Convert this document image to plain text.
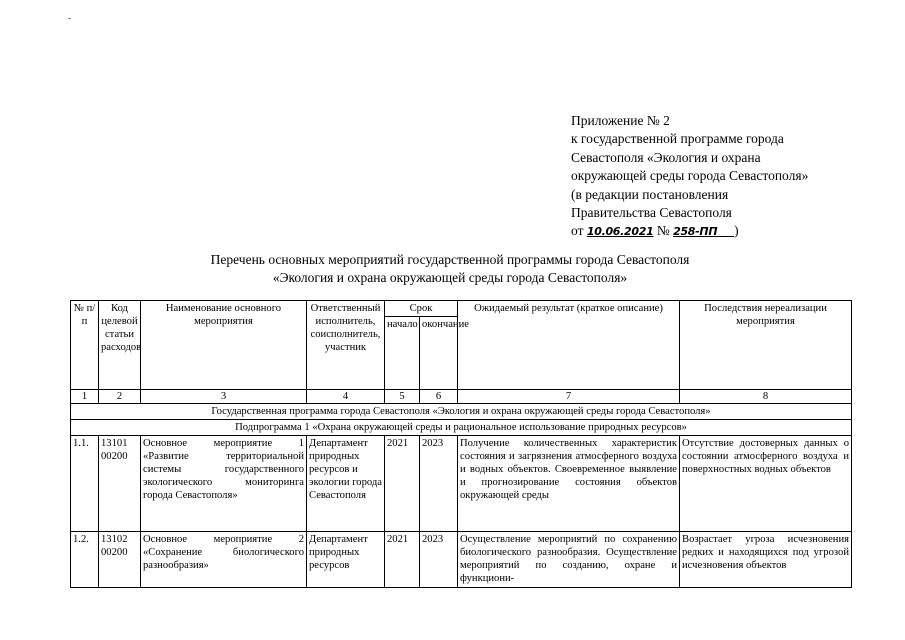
Приложение № 2
к государственной программе города
Севастополя «Экология и охрана
окружающей среды города Севастополя»
(в редакции постановления
Правительства Севастополя
от 10.06.2021 № 258-ПП )
Перечень основных мероприятий государственной программы города Севастополя
«Экология и охрана окружающей среды города Севастополя»
№ п/п	Код целевой статьи расходов	Наименование основного мероприятия	Ответственный исполнитель, соисполнитель, участник	Срок		Ожидаемый результат (краткое описание)	Последствия нереализации мероприятия
				начало	окончание		
1	2	3	4	5	6	7	8
Государственная программа города Севастополя «Экология и охрана окружающей среды города Севастополя»							
Подпрограмма 1 «Охрана окружающей среды и рациональное использование природных ресурсов»							
1.1.	13101 00200	Основное мероприятие 1 «Развитие территориальной системы государственного экологического мониторинга города Севастополя»	Департамент природных ресурсов и экологии города Севастополя	2021	2023	Получение количественных характеристик состояния и загрязнения атмосферного воздуха и водных объектов. Своевременное выявление и прогнозирование состояния объектов окружающей среды	Отсутствие достоверных данных о состоянии атмосферного воздуха и поверхностных водных объектов
1.2.	13102 00200	Основное мероприятие 2 «Сохранение биологического разнообразия»	Департамент природных ресурсов	2021	2023	Осуществление мероприятий по сохранению биологического разнообразия. Осуществление мероприятий по созданию, охране и функциони-	Возрастает угроза исчезновения редких и находящихся под угрозой исчезновения объектов
